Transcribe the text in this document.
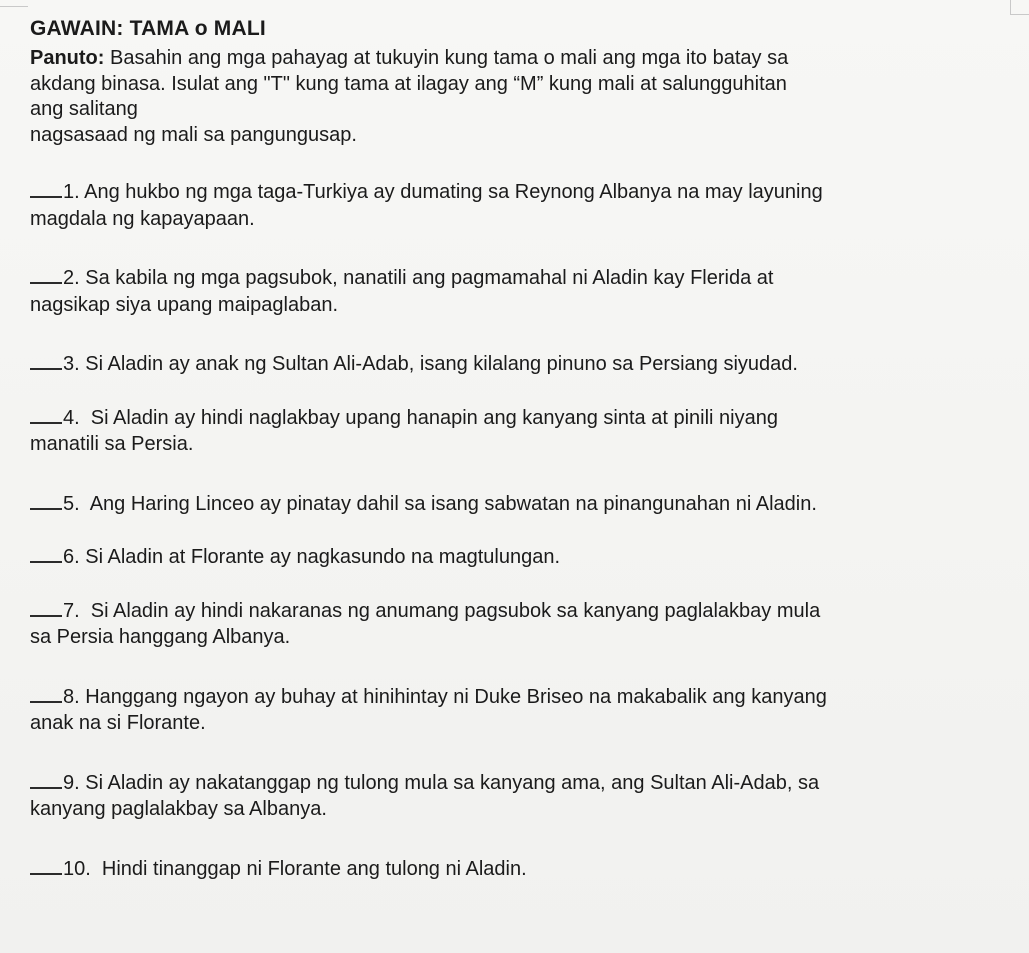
GAWAIN: TAMA o MALI

Panuto: Basahin ang mga pahayag at tukuyin kung tama o mali ang mga ito batay sa
akdang binasa. Isulat ang "T" kung tama at ilagay ang “M” kung mali at salungguhitan
ang salitang
nagsasaad ng mali sa pangungusap.

1. Ang hukbo ng mga taga-Turkiya ay dumating sa Reynong Albanya na may layuning
magdala ng kapayapaan.
2. Sa kabila ng mga pagsubok, nanatili ang pagmamahal ni Aladin kay Flerida at
nagsikap siya upang maipaglaban.
3. Si Aladin ay anak ng Sultan Ali-Adab, isang kilalang pinuno sa Persiang siyudad.
4.  Si Aladin ay hindi naglakbay upang hanapin ang kanyang sinta at pinili niyang
manatili sa Persia.
5.  Ang Haring Linceo ay pinatay dahil sa isang sabwatan na pinangunahan ni Aladin.
6. Si Aladin at Florante ay nagkasundo na magtulungan.
7.  Si Aladin ay hindi nakaranas ng anumang pagsubok sa kanyang paglalakbay mula
sa Persia hanggang Albanya.
8. Hanggang ngayon ay buhay at hinihintay ni Duke Briseo na makabalik ang kanyang
anak na si Florante.
9. Si Aladin ay nakatanggap ng tulong mula sa kanyang ama, ang Sultan Ali-Adab, sa
kanyang paglalakbay sa Albanya.
10.  Hindi tinanggap ni Florante ang tulong ni Aladin.
